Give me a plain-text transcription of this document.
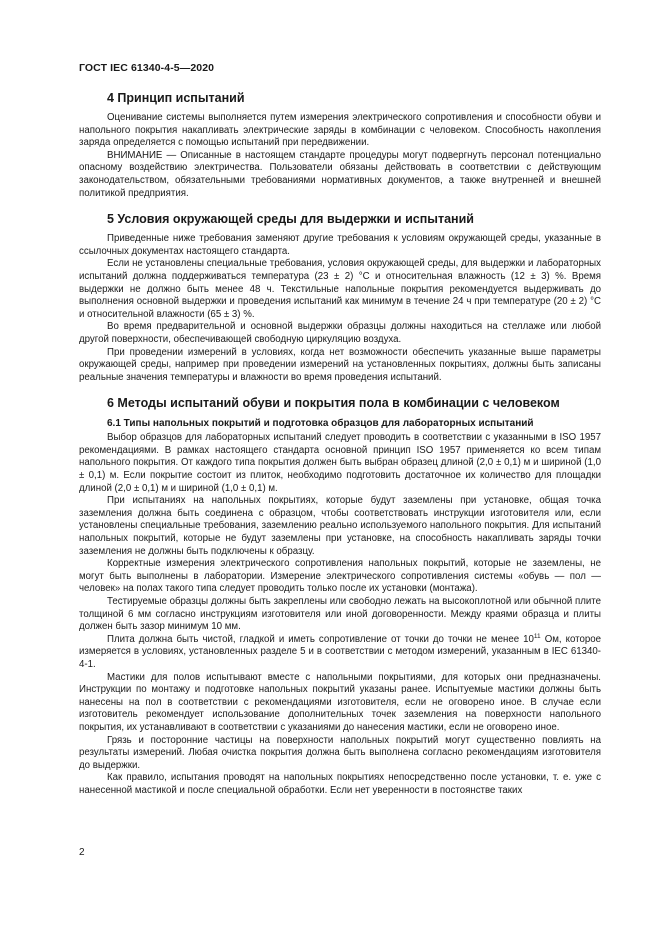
ГОСТ IEC 61340-4-5—2020
4 Принцип испытаний

Оценивание системы выполняется путем измерения электрического сопротивления и способности обуви и напольного покрытия накапливать электрические заряды в комбинации с человеком. Способность накопления заряда определяется с помощью испытаний при передвижении.

ВНИМАНИЕ — Описанные в настоящем стандарте процедуры могут подвергнуть персонал потенциально опасному воздействию электричества. Пользователи обязаны действовать в соответствии с действующим законодательством, обязательными требованиями нормативных документов, а также внутренней и внешней политикой предприятия.

5 Условия окружающей среды для выдержки и испытаний

Приведенные ниже требования заменяют другие требования к условиям окружающей среды, указанные в ссылочных документах настоящего стандарта.

Если не установлены специальные требования, условия окружающей среды, для выдержки и лабораторных испытаний должна поддерживаться температура (23 ± 2) °С и относительная влажность (12 ± 3) %. Время выдержки не должно быть менее 48 ч. Текстильные напольные покрытия рекомендуется выдерживать до выполнения основной выдержки и проведения испытаний как минимум в течение 24 ч при температуре (20 ± 2) °С и относительной влажности (65 ± 3) %.

Во время предварительной и основной выдержки образцы должны находиться на стеллаже или любой другой поверхности, обеспечивающей свободную циркуляцию воздуха.

При проведении измерений в условиях, когда нет возможности обеспечить указанные выше параметры окружающей среды, например при проведении измерений на установленных покрытиях, должны быть записаны реальные значения температуры и влажности во время проведения испытаний.

6 Методы испытаний обуви и покрытия пола в комбинации с человеком
6.1 Типы напольных покрытий и подготовка образцов для лабораторных испытаний

Выбор образцов для лабораторных испытаний следует проводить в соответствии с указанными в ISO 1957 рекомендациями. В рамках настоящего стандарта основной принцип ISO 1957 применяется ко всем типам напольного покрытия. От каждого типа покрытия должен быть выбран образец длиной (2,0 ± 0,1) м и шириной (1,0 ± 0,1) м. Если покрытие состоит из плиток, необходимо подготовить достаточное их количество для площадки длиной (2,0 ± 0,1) м и шириной (1,0 ± 0,1) м.

При испытаниях на напольных покрытиях, которые будут заземлены при установке, общая точка заземления должна быть соединена с образцом, чтобы соответствовать инструкции изготовителя или, если установлены специальные требования, заземлению реально используемого напольного покрытия. Для испытаний напольных покрытий, которые не будут заземлены при установке, на способность накапливать заряды точки заземления не должны быть подключены к образцу.

Корректные измерения электрического сопротивления напольных покрытий, которые не заземлены, не могут быть выполнены в лаборатории. Измерение электрического сопротивления системы «обувь — пол — человек» на полах такого типа следует проводить только после их установки (монтажа).

Тестируемые образцы должны быть закреплены или свободно лежать на высокоплотной или обычной плите толщиной 6 мм согласно инструкциям изготовителя или иной договоренности. Между краями образца и плиты должен быть зазор минимум 10 мм.

Плита должна быть чистой, гладкой и иметь сопротивление от точки до точки не менее $10^{11}$ Ом, которое измеряется в условиях, установленных разделе 5 и в соответствии с методом измерений, указанным в IEC 61340-4-1.

Мастики для полов испытывают вместе с напольными покрытиями, для которых они предназначены. Инструкции по монтажу и подготовке напольных покрытий указаны ранее. Испытуемые мастики должны быть нанесены на пол в соответствии с рекомендациями изготовителя, если не оговорено иное. В случае если изготовитель рекомендует использование дополнительных точек заземления на поверхности напольного покрытия, их устанавливают в соответствии с указаниями до нанесения мастики, если не оговорено иное.

Грязь и посторонние частицы на поверхности напольных покрытий могут существенно повлиять на результаты измерений. Любая очистка покрытия должна быть выполнена согласно рекомендациям изготовителя до выдержки.

Как правило, испытания проводят на напольных покрытиях непосредственно после установки, т. е. уже с нанесенной мастикой и после специальной обработки. Если нет уверенности в постоянстве таких

2
